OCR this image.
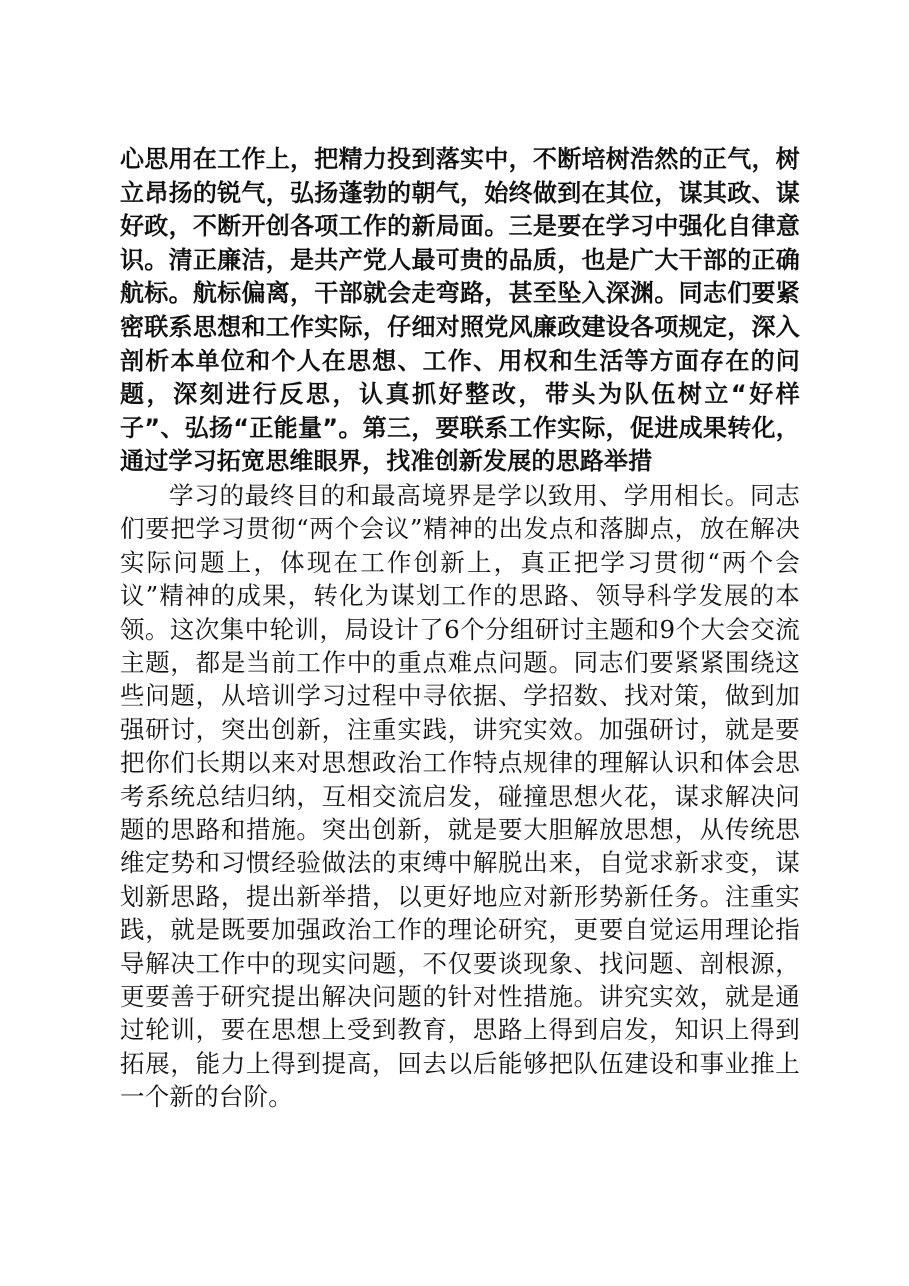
心思用在工作上，把精力投到落实中，不断培树浩然的正气，树立昂扬的锐气，弘扬蓬勃的朝气，始终做到在其位，谋其政、谋好政，不断开创各项工作的新局面。三是要在学习中强化自律意识。清正廉洁，是共产党人最可贵的品质，也是广大干部的正确航标。航标偏离，干部就会走弯路，甚至坠入深渊。同志们要紧密联系思想和工作实际，仔细对照党风廉政建设各项规定，深入剖析本单位和个人在思想、工作、用权和生活等方面存在的问题，深刻进行反思，认真抓好整改，带头为队伍树立“好样子”、弘扬“正能量”。第三，要联系工作实际，促进成果转化，通过学习拓宽思维眼界，找准创新发展的思路举措

学习的最终目的和最高境界是学以致用、学用相长。同志们要把学习贯彻“两个会议”精神的出发点和落脚点，放在解决实际问题上，体现在工作创新上，真正把学习贯彻“两个会议”精神的成果，转化为谋划工作的思路、领导科学发展的本领。这次集中轮训，局设计了6个分组研讨主题和9个大会交流主题，都是当前工作中的重点难点问题。同志们要紧紧围绕这些问题，从培训学习过程中寻依据、学招数、找对策，做到加强研讨，突出创新，注重实践，讲究实效。加强研讨，就是要把你们长期以来对思想政治工作特点规律的理解认识和体会思考系统总结归纳，互相交流启发，碰撞思想火花，谋求解决问题的思路和措施。突出创新，就是要大胆解放思想，从传统思维定势和习惯经验做法的束缚中解脱出来，自觉求新求变，谋划新思路，提出新举措，以更好地应对新形势新任务。注重实践，就是既要加强政治工作的理论研究，更要自觉运用理论指导解决工作中的现实问题，不仅要谈现象、找问题、剖根源，更要善于研究提出解决问题的针对性措施。讲究实效，就是通过轮训，要在思想上受到教育，思路上得到启发，知识上得到拓展，能力上得到提高，回去以后能够把队伍建设和事业推上一个新的台阶。
